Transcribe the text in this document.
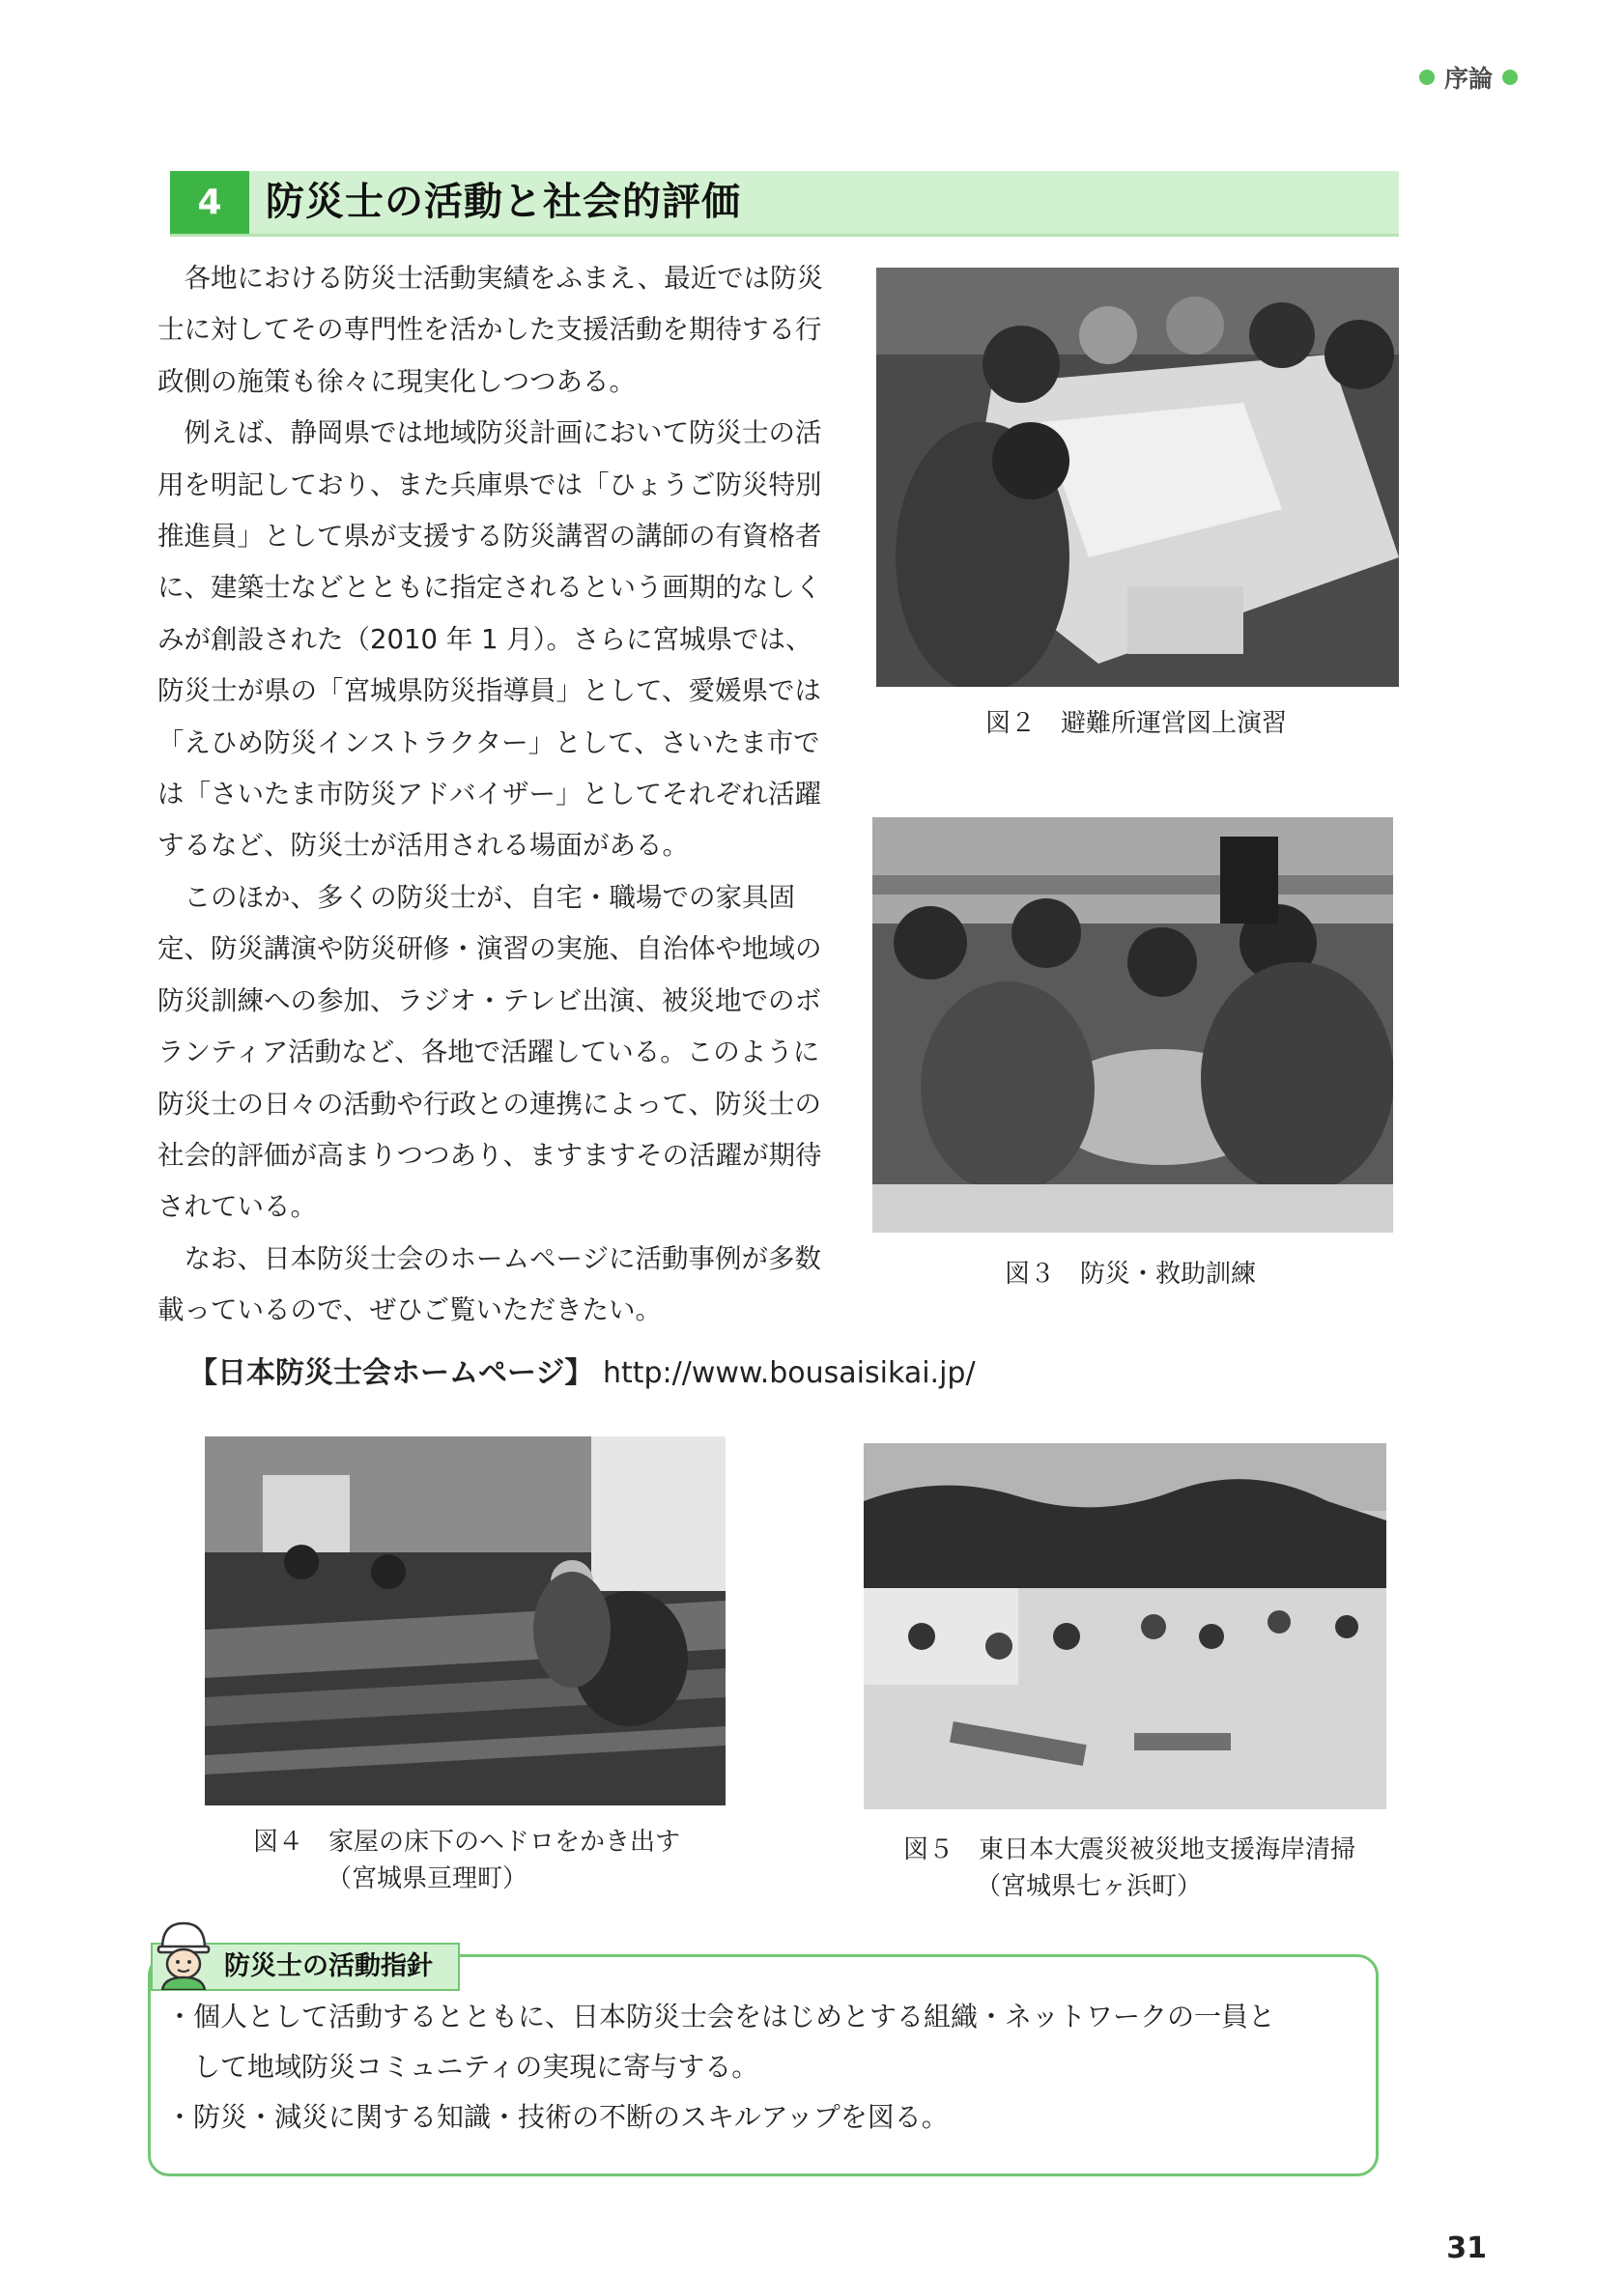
序論
4	防災士の活動と社会的評価

各地における防災士活動実績をふまえ、最近では防災士に対してその専門性を活かした支援活動を期待する行政側の施策も徐々に現実化しつつある。

例えば、静岡県では地域防災計画において防災士の活用を明記しており、また兵庫県では「ひょうご防災特別推進員」として県が支援する防災講習の講師の有資格者に、建築士などとともに指定されるという画期的なしくみが創設された（2010 年 1 月）。さらに宮城県では、防災士が県の「宮城県防災指導員」として、愛媛県では「えひめ防災インストラクター」として、さいたま市では「さいたま市防災アドバイザー」としてそれぞれ活躍するなど、防災士が活用される場面がある。

このほか、多くの防災士が、自宅・職場での家具固定、防災講演や防災研修・演習の実施、自治体や地域の防災訓練への参加、ラジオ・テレビ出演、被災地でのボランティア活動など、各地で活躍している。このように防災士の日々の活動や行政との連携によって、防災士の社会的評価が高まりつつあり、ますますその活躍が期待されている。

なお、日本防災士会のホームページに活動事例が多数載っているので、ぜひご覧いただきたい。

【日本防災士会ホームページ】 http://www.bousaisikai.jp/
図２　避難所運営図上演習
図３　防災・救助訓練
図４　家屋の床下のヘドロをかき出す
（宮城県亘理町）
図５　東日本大震災被災地支援海岸清掃
（宮城県七ヶ浜町）
防災士の活動指針
・ 個人として活動するとともに、日本防災士会をはじめとする組織・ネットワークの一員と
して地域防災コミュニティの実現に寄与する。
・ 防災・減災に関する知識・技術の不断のスキルアップを図る。
31
